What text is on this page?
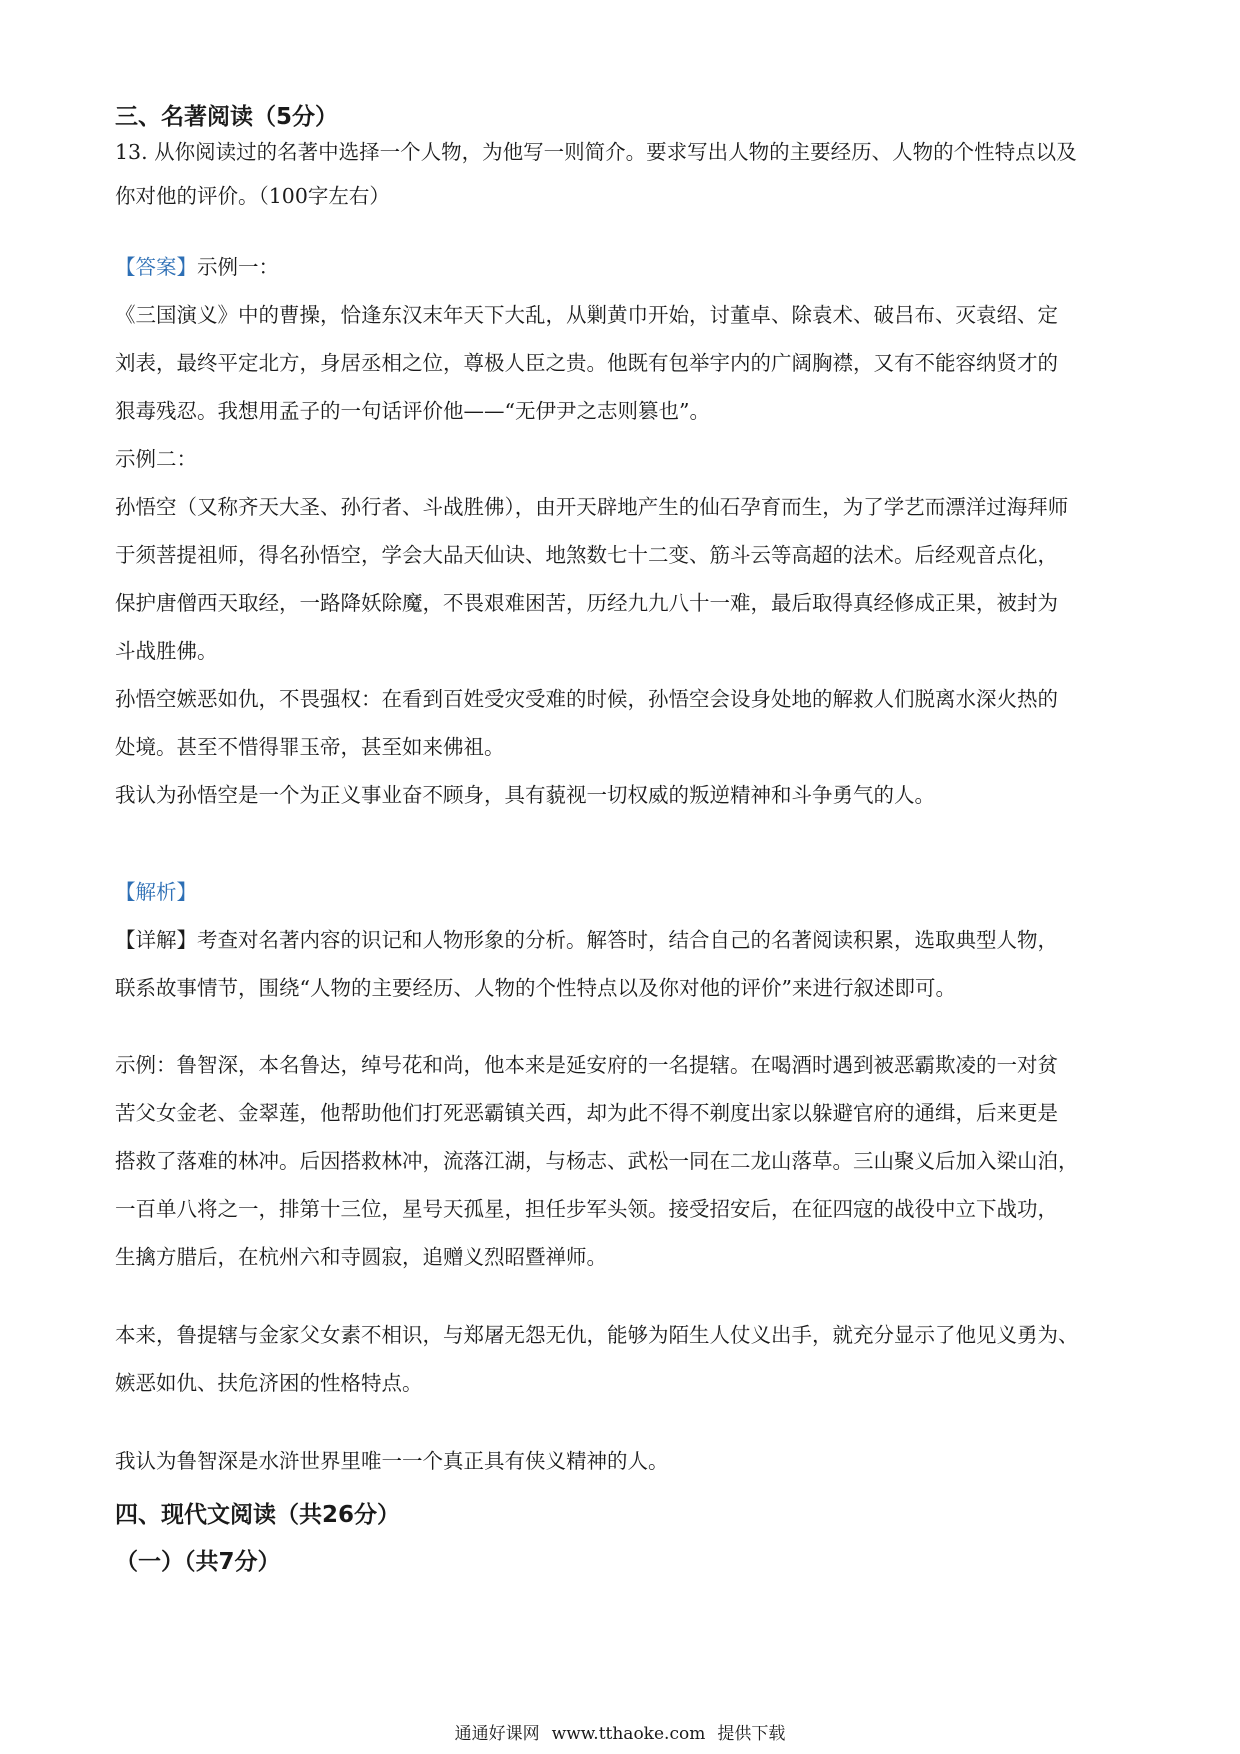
三、名著阅读（5分）
13. 从你阅读过的名著中选择一个人物，为他写一则简介。要求写出人物的主要经历、人物的个性特点以及
你对他的评价。（100字左右）
【答案】示例一：
《三国演义》中的曹操，恰逢东汉末年天下大乱，从剿黄巾开始，讨董卓、除袁术、破吕布、灭袁绍、定
刘表，最终平定北方，身居丞相之位，尊极人臣之贵。他既有包举宇内的广阔胸襟，又有不能容纳贤才的
狠毒残忍。我想用孟子的一句话评价他——“无伊尹之志则篡也”。
示例二：
孙悟空（又称齐天大圣、孙行者、斗战胜佛），由开天辟地产生的仙石孕育而生，为了学艺而漂洋过海拜师
于须菩提祖师，得名孙悟空，学会大品天仙诀、地煞数七十二变、筋斗云等高超的法术。后经观音点化，
保护唐僧西天取经，一路降妖除魔，不畏艰难困苦，历经九九八十一难，最后取得真经修成正果，被封为
斗战胜佛。
孙悟空嫉恶如仇，不畏强权：在看到百姓受灾受难的时候，孙悟空会设身处地的解救人们脱离水深火热的
处境。甚至不惜得罪玉帝，甚至如来佛祖。
我认为孙悟空是一个为正义事业奋不顾身，具有藐视一切权威的叛逆精神和斗争勇气的人。
【解析】
【详解】考查对名著内容的识记和人物形象的分析。解答时，结合自己的名著阅读积累，选取典型人物，
联系故事情节，围绕“人物的主要经历、人物的个性特点以及你对他的评价”来进行叙述即可。
示例：鲁智深，本名鲁达，绰号花和尚，他本来是延安府的一名提辖。在喝酒时遇到被恶霸欺凌的一对贫
苦父女金老、金翠莲，他帮助他们打死恶霸镇关西，却为此不得不剃度出家以躲避官府的通缉，后来更是
搭救了落难的林冲。后因搭救林冲，流落江湖，与杨志、武松一同在二龙山落草。三山聚义后加入梁山泊，
一百单八将之一，排第十三位，星号天孤星，担任步军头领。接受招安后，在征四寇的战役中立下战功，
生擒方腊后，在杭州六和寺圆寂，追赠义烈昭暨禅师。
本来，鲁提辖与金家父女素不相识，与郑屠无怨无仇，能够为陌生人仗义出手，就充分显示了他见义勇为、
嫉恶如仇、扶危济困的性格特点。
我认为鲁智深是水浒世界里唯一一个真正具有侠义精神的人。
四、现代文阅读（共26分）
（一）（共7分）
通通好课网 www.tthaoke.com 提供下载
